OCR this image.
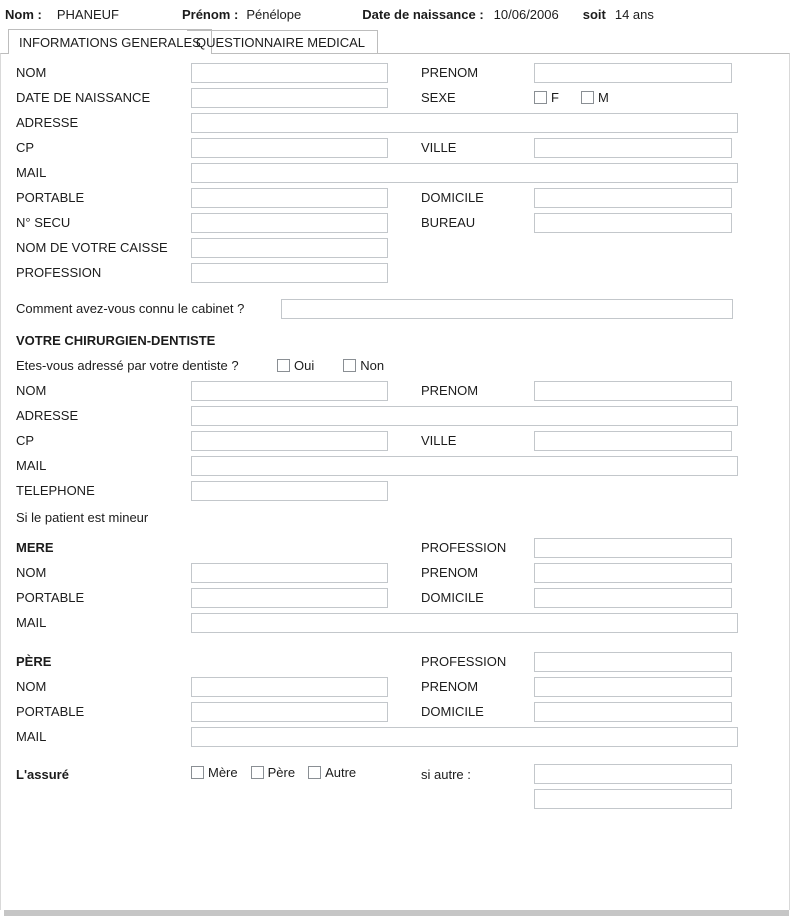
Nom : PHANEUF	Prénom : Pénélope	Date de naissance : 10/06/2006 soit 14 ans
INFORMATIONS GENERALES
QUESTIONNAIRE MEDICAL
NOM	PRENOM
DATE DE NAISSANCE	SEXE	F	M
ADRESSE
CP	VILLE
MAIL
PORTABLE	DOMICILE
N° SECU	BUREAU
NOM DE VOTRE CAISSE
PROFESSION
Comment avez-vous connu le cabinet ?
VOTRE CHIRURGIEN-DENTISTE
Etes-vous adressé par votre dentiste ?	Oui	Non
NOM	PRENOM
ADRESSE
CP	VILLE
MAIL
TELEPHONE
Si le patient est mineur
MERE	PROFESSION
NOM	PRENOM
PORTABLE	DOMICILE
MAIL
PÈRE	PROFESSION
NOM	PRENOM
PORTABLE	DOMICILE
MAIL
L'assuré	Mère Père Autre	si autre :
